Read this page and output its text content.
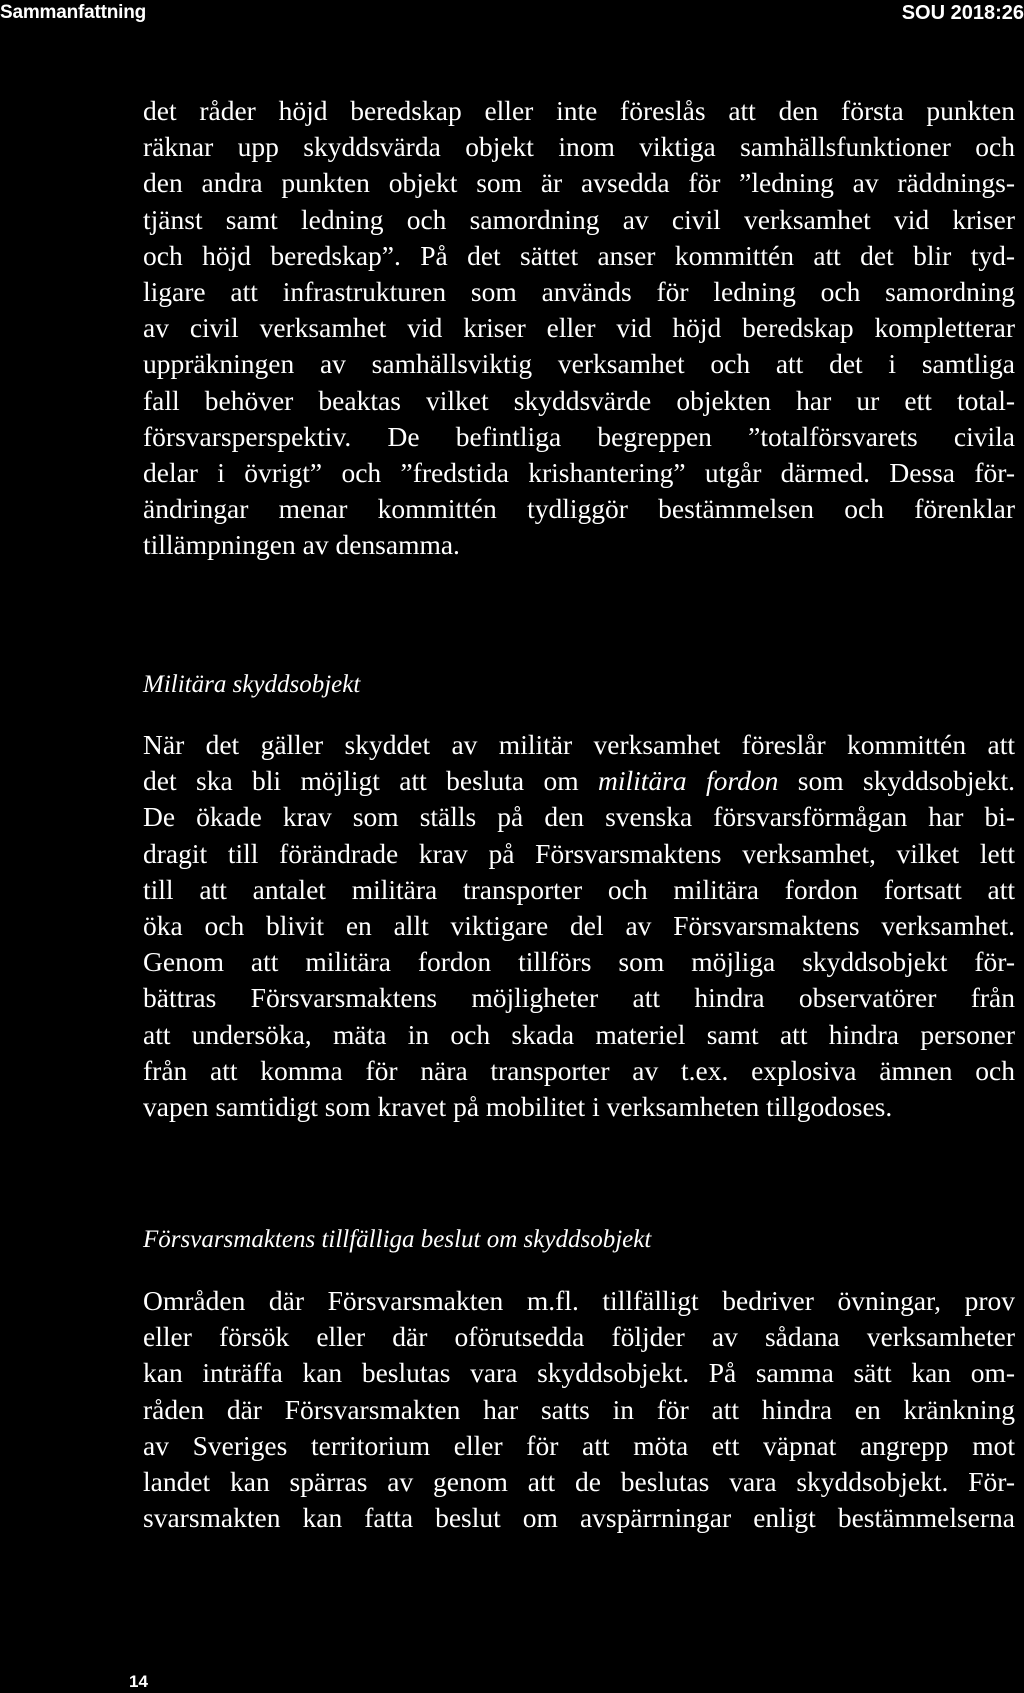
Sammanfattning	SOU 2018:26
det råder höjd beredskap eller inte föreslås att den första punkten
räknar upp skyddsvärda objekt inom viktiga samhällsfunktioner och
den andra punkten objekt som är avsedda för ”ledning av räddnings-
tjänst samt ledning och samordning av civil verksamhet vid kriser
och höjd beredskap”. På det sättet anser kommittén att det blir tyd-
ligare att infrastrukturen som används för ledning och samordning
av civil verksamhet vid kriser eller vid höjd beredskap kompletterar
uppräkningen av samhällsviktig verksamhet och att det i samtliga
fall behöver beaktas vilket skyddsvärde objekten har ur ett total-
försvarsperspektiv. De befintliga begreppen ”totalförsvarets civila
delar i övrigt” och ”fredstida krishantering” utgår därmed. Dessa för-
ändringar menar kommittén tydliggör bestämmelsen och förenklar
tillämpningen av densamma.
Militära skyddsobjekt
När det gäller skyddet av militär verksamhet föreslår kommittén att
det ska bli möjligt att besluta om militära fordon som skyddsobjekt.
De ökade krav som ställs på den svenska försvarsförmågan har bi-
dragit till förändrade krav på Försvarsmaktens verksamhet, vilket lett
till att antalet militära transporter och militära fordon fortsatt att
öka och blivit en allt viktigare del av Försvarsmaktens verksamhet.
Genom att militära fordon tillförs som möjliga skyddsobjekt för-
bättras Försvarsmaktens möjligheter att hindra observatörer från
att undersöka, mäta in och skada materiel samt att hindra personer
från att komma för nära transporter av t.ex. explosiva ämnen och
vapen samtidigt som kravet på mobilitet i verksamheten tillgodoses.
Försvarsmaktens tillfälliga beslut om skyddsobjekt
Områden där Försvarsmakten m.fl. tillfälligt bedriver övningar, prov
eller försök eller där oförutsedda följder av sådana verksamheter
kan inträffa kan beslutas vara skyddsobjekt. På samma sätt kan om-
råden där Försvarsmakten har satts in för att hindra en kränkning
av Sveriges territorium eller för att möta ett väpnat angrepp mot
landet kan spärras av genom att de beslutas vara skyddsobjekt. För-
svarsmakten kan fatta beslut om avspärrningar enligt bestämmelserna
14
